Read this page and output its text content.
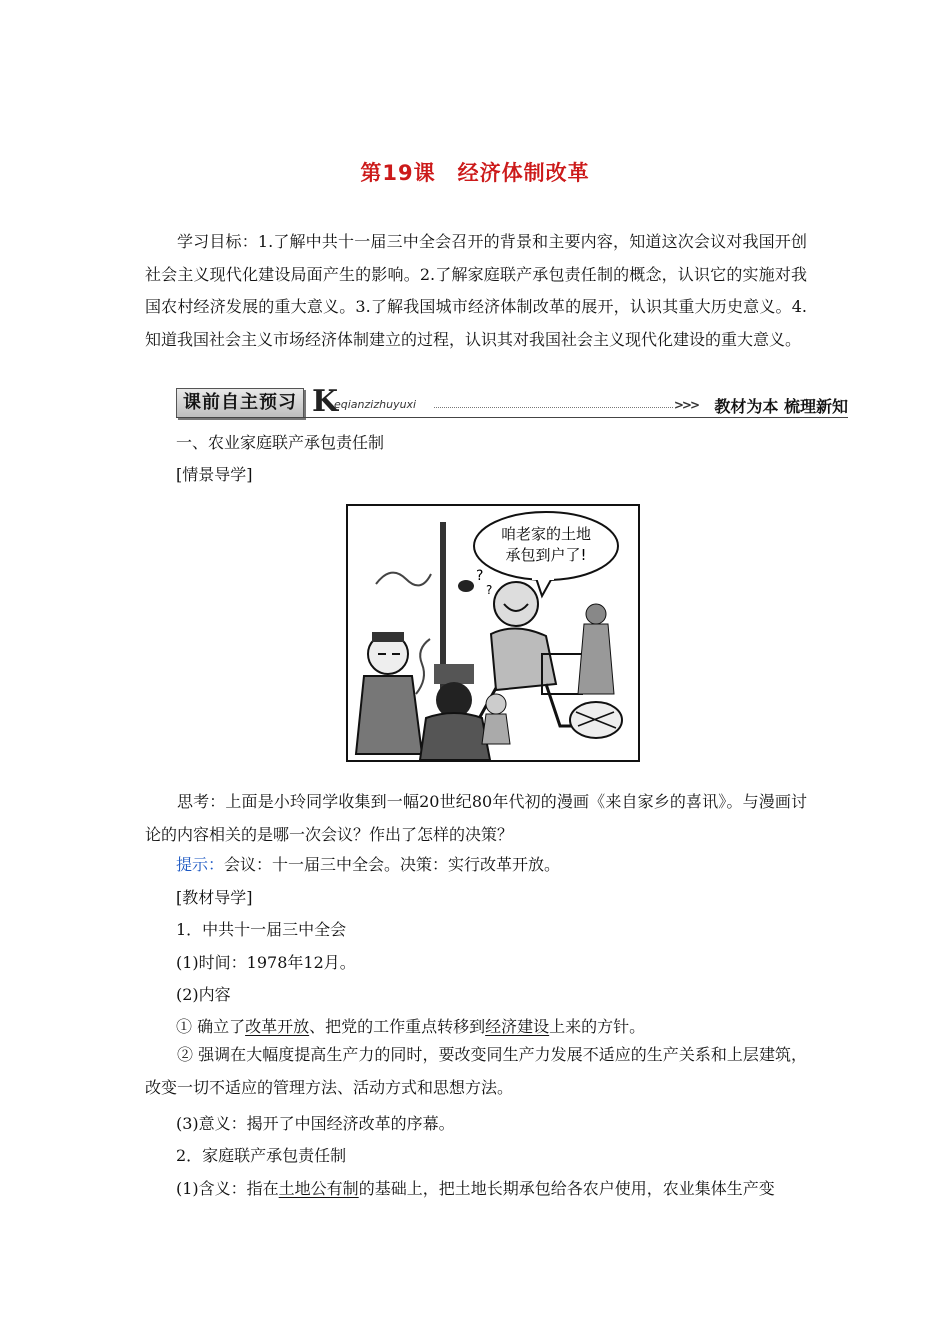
第19课 经济体制改革
学习目标：1.了解中共十一届三中全会召开的背景和主要内容，知道这次会议对我国开创社会主义现代化建设局面产生的影响。2.了解家庭联产承包责任制的概念，认识它的实施对我国农村经济发展的重大意义。3.了解我国城市经济体制改革的展开，认识其重大历史意义。4.知道我国社会主义市场经济体制建立的过程，认识其对我国社会主义现代化建设的重大意义。
课前自主预习 K
eqianzizhuyuxi	>>> 教材为本 梳理新知
一、农业家庭联产承包责任制
[情景导学]
咱老家的土地
承包到户了!
?
?
思考：上面是小玲同学收集到一幅20世纪80年代初的漫画《来自家乡的喜讯》。与漫画讨论的内容相关的是哪一次会议？作出了怎样的决策？
提示：会议：十一届三中全会。决策：实行改革开放。
[教材导学]
1．中共十一届三中全会
(1)时间：1978年12月。
(2)内容
① 确立了改革开放、把党的工作重点转移到经济建设上来的方针。
② 强调在大幅度提高生产力的同时，要改变同生产力发展不适应的生产关系和上层建筑，改变一切不适应的管理方法、活动方式和思想方法。
(3)意义：揭开了中国经济改革的序幕。
2．家庭联产承包责任制
(1)含义：指在土地公有制的基础上，把土地长期承包给各农户使用，农业集体生产变
